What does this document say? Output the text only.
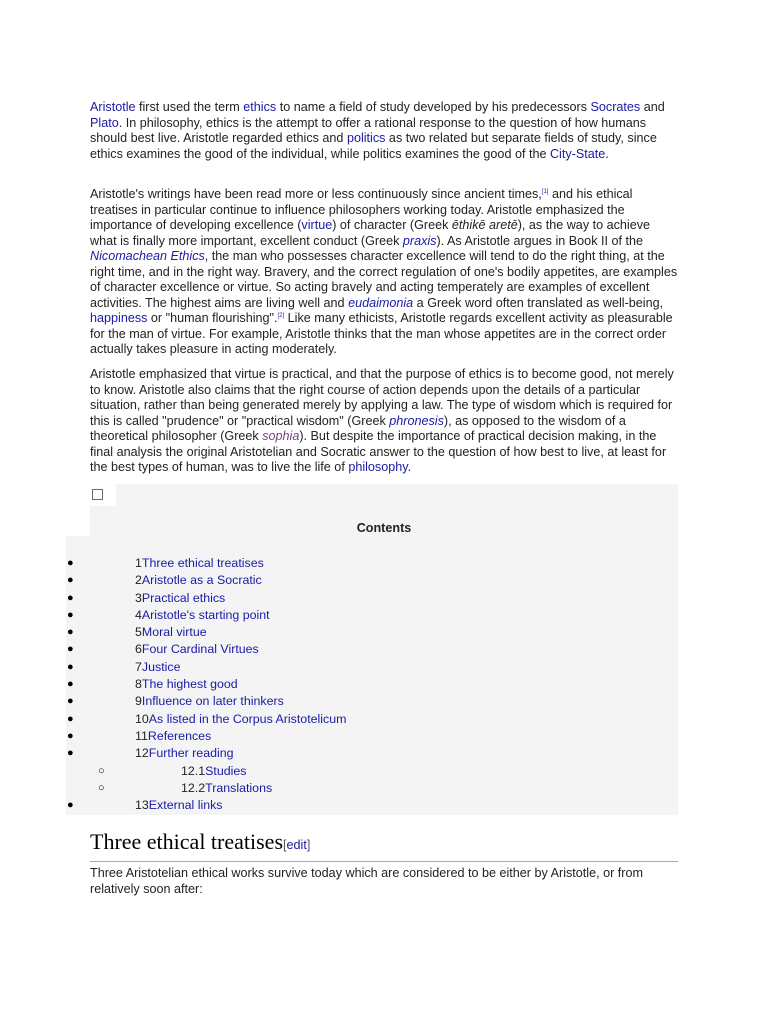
Aristotle first used the term ethics to name a field of study developed by his predecessors Socrates and Plato. In philosophy, ethics is the attempt to offer a rational response to the question of how humans should best live. Aristotle regarded ethics and politics as two related but separate fields of study, since ethics examines the good of the individual, while politics examines the good of the City-State.

Aristotle's writings have been read more or less continuously since ancient times,[1] and his ethical treatises in particular continue to influence philosophers working today. Aristotle emphasized the importance of developing excellence (virtue) of character (Greek ēthikē aretē), as the way to achieve what is finally more important, excellent conduct (Greek praxis). As Aristotle argues in Book II of the Nicomachean Ethics, the man who possesses character excellence will tend to do the right thing, at the right time, and in the right way. Bravery, and the correct regulation of one's bodily appetites, are examples of character excellence or virtue. So acting bravely and acting temperately are examples of excellent activities. The highest aims are living well and eudaimonia a Greek word often translated as well-being, happiness or "human flourishing".[2] Like many ethicists, Aristotle regards excellent activity as pleasurable for the man of virtue. For example, Aristotle thinks that the man whose appetites are in the correct order actually takes pleasure in acting moderately.

Aristotle emphasized that virtue is practical, and that the purpose of ethics is to become good, not merely to know. Aristotle also claims that the right course of action depends upon the details of a particular situation, rather than being generated merely by applying a law. The type of wisdom which is required for this is called "prudence" or "practical wisdom" (Greek phronesis), as opposed to the wisdom of a theoretical philosopher (Greek sophia). But despite the importance of practical decision making, in the final analysis the original Aristotelian and Socratic answer to the question of how best to live, at least for the best types of human, was to live the life of philosophy.

Contents
●	1Three ethical treatises
●	2Aristotle as a Socratic
●	3Practical ethics
●	4Aristotle's starting point
●	5Moral virtue
●	6Four Cardinal Virtues
●	7Justice
●	8The highest good
●	9Influence on later thinkers
●	10As listed in the Corpus Aristotelicum
●	11References
●	12Further reading
○	12.1Studies
○	12.2Translations
●	13External links
Three ethical treatises[edit]

Three Aristotelian ethical works survive today which are considered to be either by Aristotle, or from relatively soon after:
